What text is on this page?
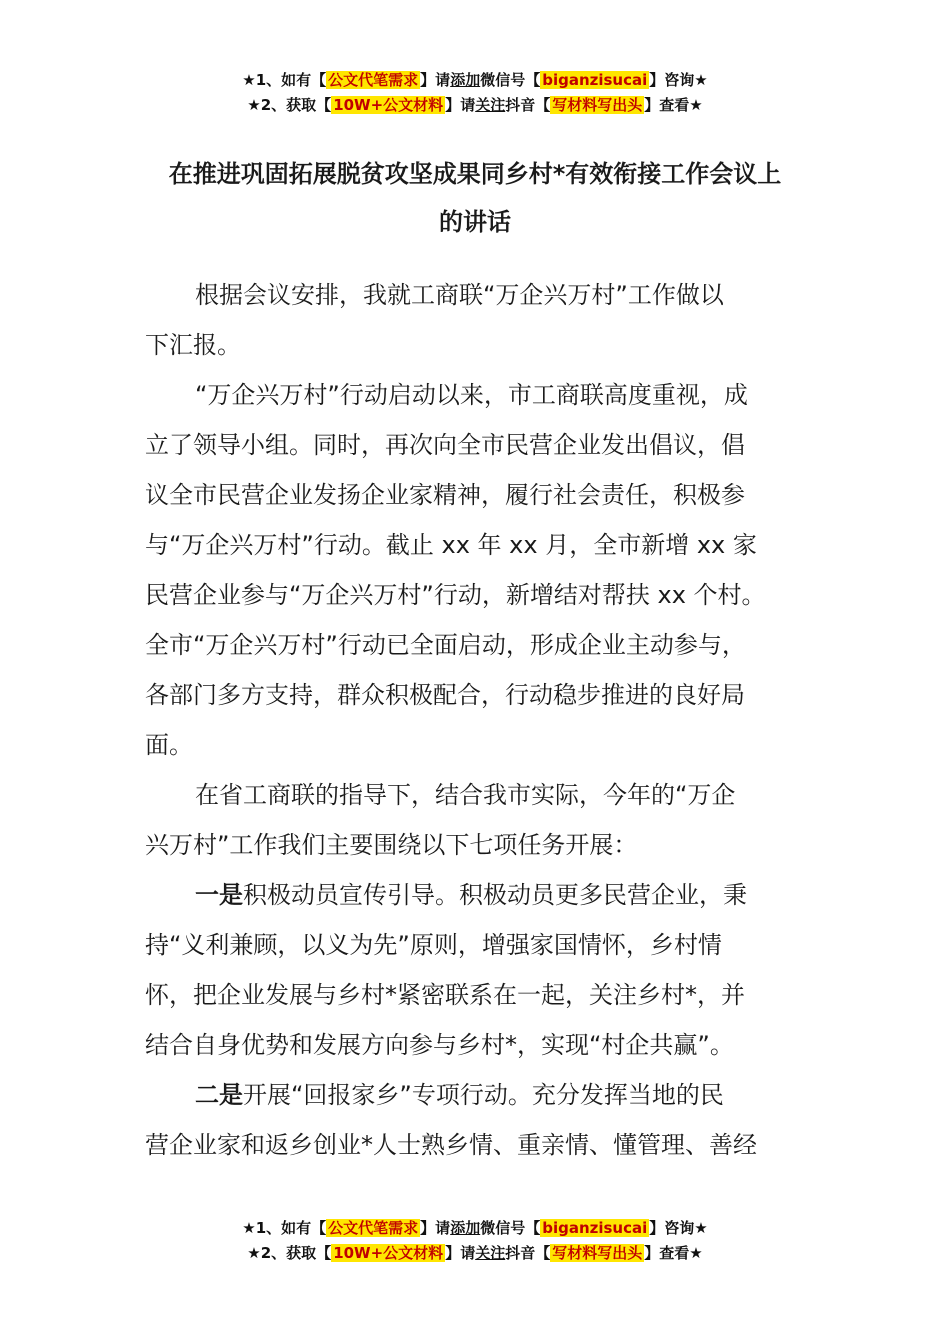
★1、如有【 公文代笔需求 】请添加微信号【 biganzisucai 】咨询★
★2、获取【 10W+公文材料 】请关注抖音【 写材料写出头 】查看★
在推进巩固拓展脱贫攻坚成果同乡村*有效衔接工作会议上
的讲话
根据会议安排，我就工商联“万企兴万村”工作做以
下汇报。
“万企兴万村”行动启动以来，市工商联高度重视，成
立了领导小组。同时，再次向全市民营企业发出倡议，倡
议全市民营企业发扬企业家精神，履行社会责任，积极参
与“万企兴万村”行动。截止 xx 年 xx 月，全市新增 xx 家
民营企业参与“万企兴万村”行动，新增结对帮扶 xx 个村。
全市“万企兴万村”行动已全面启动，形成企业主动参与，
各部门多方支持，群众积极配合，行动稳步推进的良好局
面。
在省工商联的指导下，结合我市实际，今年的“万企
兴万村”工作我们主要围绕以下七项任务开展：
一是积极动员宣传引导。积极动员更多民营企业，秉
持“义利兼顾，以义为先”原则，增强家国情怀，乡村情
怀，把企业发展与乡村*紧密联系在一起，关注乡村*，并
结合自身优势和发展方向参与乡村*，实现“村企共赢”。
二是开展“回报家乡”专项行动。充分发挥当地的民
营企业家和返乡创业*人士熟乡情、重亲情、懂管理、善经
★1、如有【 公文代笔需求 】请添加微信号【 biganzisucai 】咨询★
★2、获取【 10W+公文材料 】请关注抖音【 写材料写出头 】查看★
